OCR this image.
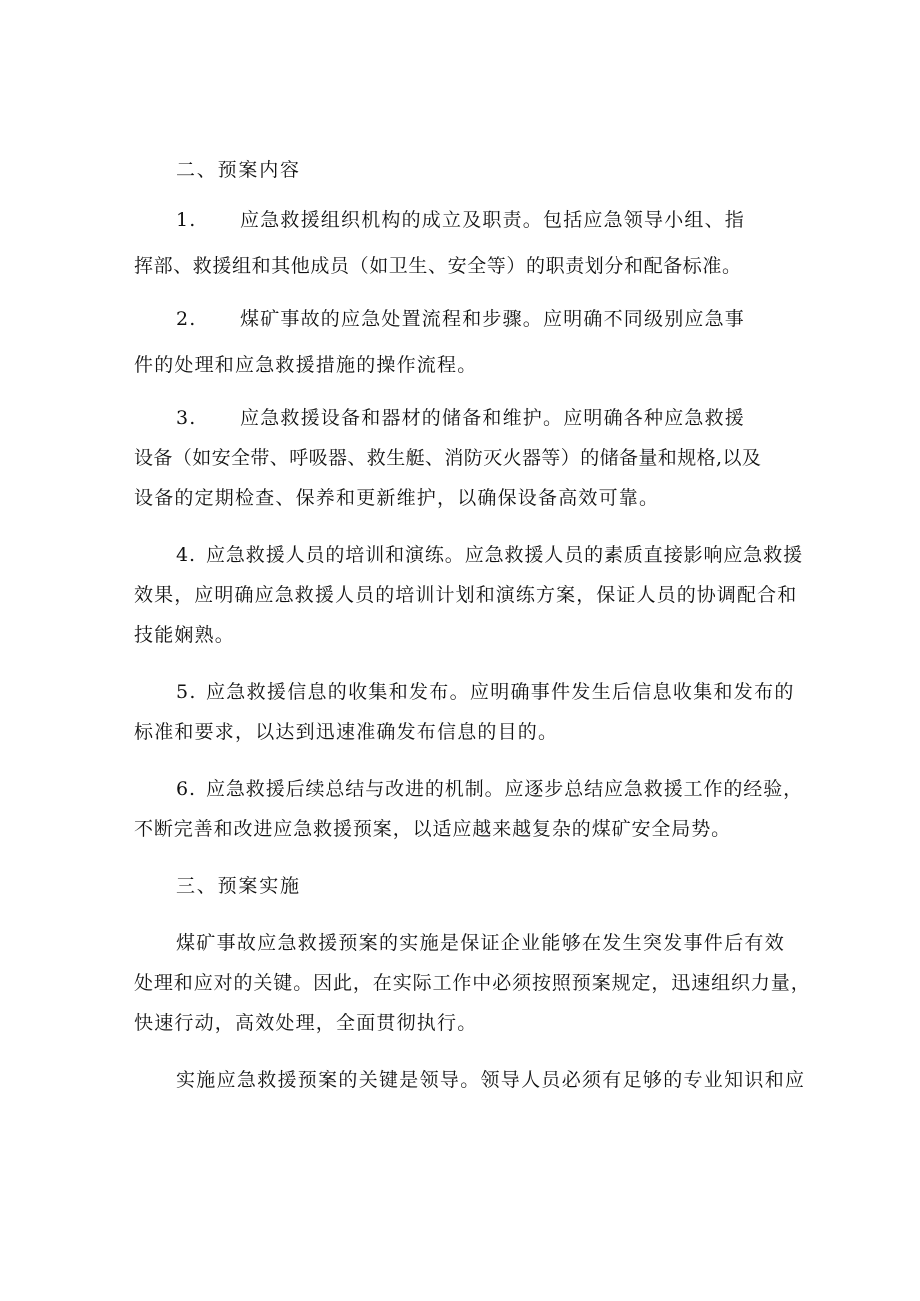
二、预案内容
1. 应急救援组织机构的成立及职责。包括应急领导小组、指
挥部、救援组和其他成员（如卫生、安全等）的职责划分和配备标准。
2. 煤矿事故的应急处置流程和步骤。应明确不同级别应急事
件的处理和应急救援措施的操作流程。
3. 应急救援设备和器材的储备和维护。应明确各种应急救援
设备（如安全带、呼吸器、救生艇、消防灭火器等）的储备量和规格,以及
设备的定期检查、保养和更新维护，以确保设备高效可靠。
4. 应急救援人员的培训和演练。应急救援人员的素质直接影响应急救援
效果，应明确应急救援人员的培训计划和演练方案，保证人员的协调配合和
技能娴熟。
5. 应急救援信息的收集和发布。应明确事件发生后信息收集和发布的
标准和要求，以达到迅速准确发布信息的目的。
6. 应急救援后续总结与改进的机制。应逐步总结应急救援工作的经验，
不断完善和改进应急救援预案，以适应越来越复杂的煤矿安全局势。
三、预案实施
煤矿事故应急救援预案的实施是保证企业能够在发生突发事件后有效
处理和应对的关键。因此，在实际工作中必须按照预案规定，迅速组织力量，
快速行动，高效处理，全面贯彻执行。
实施应急救援预案的关键是领导。领导人员必须有足够的专业知识和应
